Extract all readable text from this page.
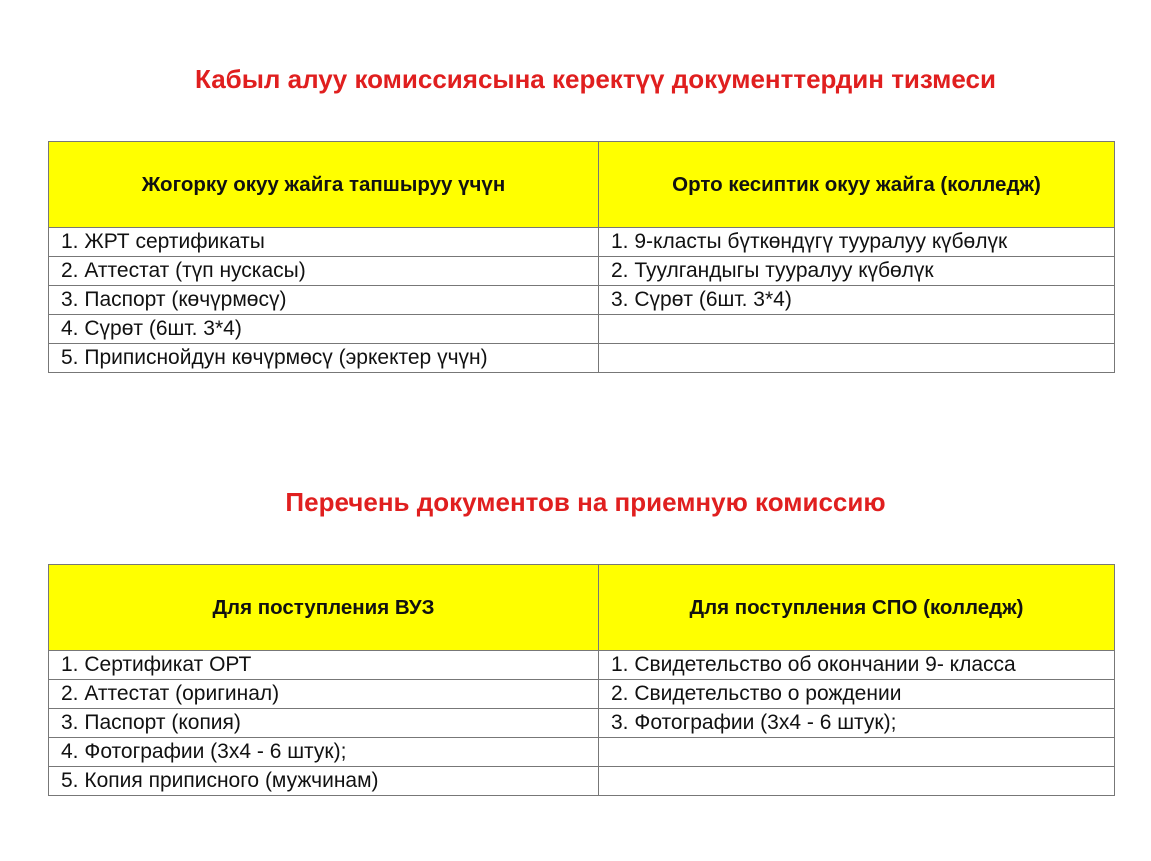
Кабыл алуу комиссиясына керектүү документтердин тизмеси
Жогорку окуу жайга тапшыруу үчүн	Орто кесиптик окуу жайга (колледж)
1. ЖРТ сертификаты	1. 9-класты бүткөндүгү тууралуу күбөлүк
2. Аттестат (түп нускасы)	2. Туулгандыгы тууралуу күбөлүк
3. Паспорт (көчүрмөсү)	3. Сүрөт (6шт. 3*4)
4. Сүрөт (6шт. 3*4)	
5. Приписнойдун көчүрмөсү (эркектер үчүн)	
Перечень документов на приемную комиссию
Для поступления ВУЗ	Для поступления СПО (колледж)
1. Сертификат ОРТ	1. Свидетельство об окончании 9- класса
2. Аттестат (оригинал)	2. Свидетельство о рождении
3. Паспорт (копия)	3. Фотографии (3х4 - 6 штук);
4. Фотографии (3х4 - 6 штук);	
5. Копия приписного (мужчинам)	
